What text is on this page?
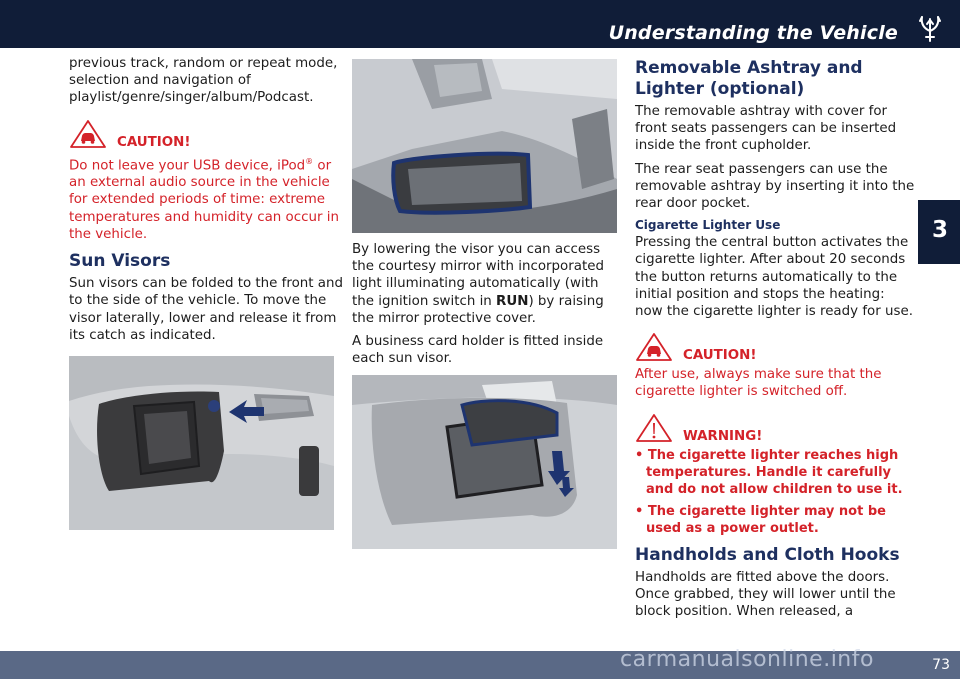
Understanding the Vehicle
3

previous track, random or repeat mode, selection and navigation of playlist/genre/singer/album/Podcast.

CAUTION!

Do not leave your USB device, iPod® or an external audio source in the vehicle for extended periods of time: extreme temperatures and humidity can occur in the vehicle.

Sun Visors

Sun visors can be folded to the front and to the side of the vehicle. To move the visor laterally, lower and release it from its catch as indicated.

By lowering the visor you can access the courtesy mirror with incorporated light illuminating automatically (with the ignition switch in RUN) by raising the mirror protective cover.

A business card holder is fitted inside each sun visor.

Removable Ashtray and Lighter (optional)

The removable ashtray with cover for front seats passengers can be inserted inside the front cupholder.

The rear seat passengers can use the removable ashtray by inserting it into the rear door pocket.

Cigarette Lighter Use

Pressing the central button activates the cigarette lighter. After about 20 seconds the button returns automatically to the initial position and stops the heating: now the cigarette lighter is ready for use.

CAUTION!

After use, always make sure that the cigarette lighter is switched off.

WARNING!
• The cigarette lighter reaches high temperatures. Handle it carefully and do not allow children to use it.
• The cigarette lighter may not be used as a power outlet.
Handholds and Cloth Hooks

Handholds are fitted above the doors. Once grabbed, they will lower until the block position. When released, a

73
carmanualsonline.info
